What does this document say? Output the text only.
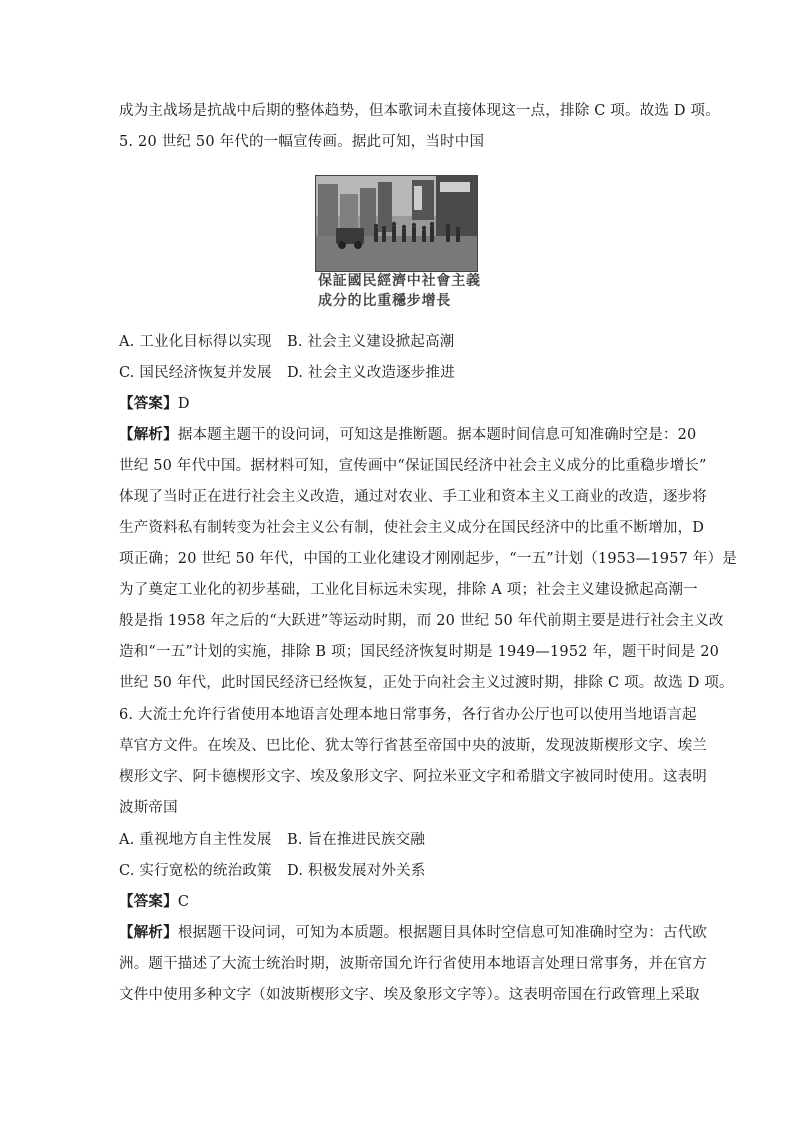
成为主战场是抗战中后期的整体趋势，但本歌词未直接体现这一点，排除 C 项。故选 D 项。
5. 20 世纪 50 年代的一幅宣传画。据此可知，当时中国
保証國民經濟中社會主義
成分的比重穩步增長
A. 工业化目标得以实现 B. 社会主义建设掀起高潮
C. 国民经济恢复并发展 D. 社会主义改造逐步推进
【答案】D
【解析】据本题主题干的设问词，可知这是推断题。据本题时间信息可知准确时空是：20
世纪 50 年代中国。据材料可知，宣传画中“保证国民经济中社会主义成分的比重稳步增长”
体现了当时正在进行社会主义改造，通过对农业、手工业和资本主义工商业的改造，逐步将
生产资料私有制转变为社会主义公有制，使社会主义成分在国民经济中的比重不断增加，D
项正确；20 世纪 50 年代，中国的工业化建设才刚刚起步，“一五”计划（1953—1957 年）是
为了奠定工业化的初步基础，工业化目标远未实现，排除 A 项；社会主义建设掀起高潮一
般是指 1958 年之后的“大跃进”等运动时期，而 20 世纪 50 年代前期主要是进行社会主义改
造和“一五”计划的实施，排除 B 项；国民经济恢复时期是 1949—1952 年，题干时间是 20
世纪 50 年代，此时国民经济已经恢复，正处于向社会主义过渡时期，排除 C 项。故选 D 项。
6. 大流士允许行省使用本地语言处理本地日常事务，各行省办公厅也可以使用当地语言起
草官方文件。在埃及、巴比伦、犹太等行省甚至帝国中央的波斯，发现波斯楔形文字、埃兰
楔形文字、阿卡德楔形文字、埃及象形文字、阿拉米亚文字和希腊文字被同时使用。这表明
波斯帝国
A. 重视地方自主性发展 B. 旨在推进民族交融
C. 实行宽松的统治政策 D. 积极发展对外关系
【答案】C
【解析】根据题干设问词，可知为本质题。根据题目具体时空信息可知准确时空为：古代欧
洲。题干描述了大流士统治时期，波斯帝国允许行省使用本地语言处理日常事务，并在官方
文件中使用多种文字（如波斯楔形文字、埃及象形文字等）。这表明帝国在行政管理上采取
